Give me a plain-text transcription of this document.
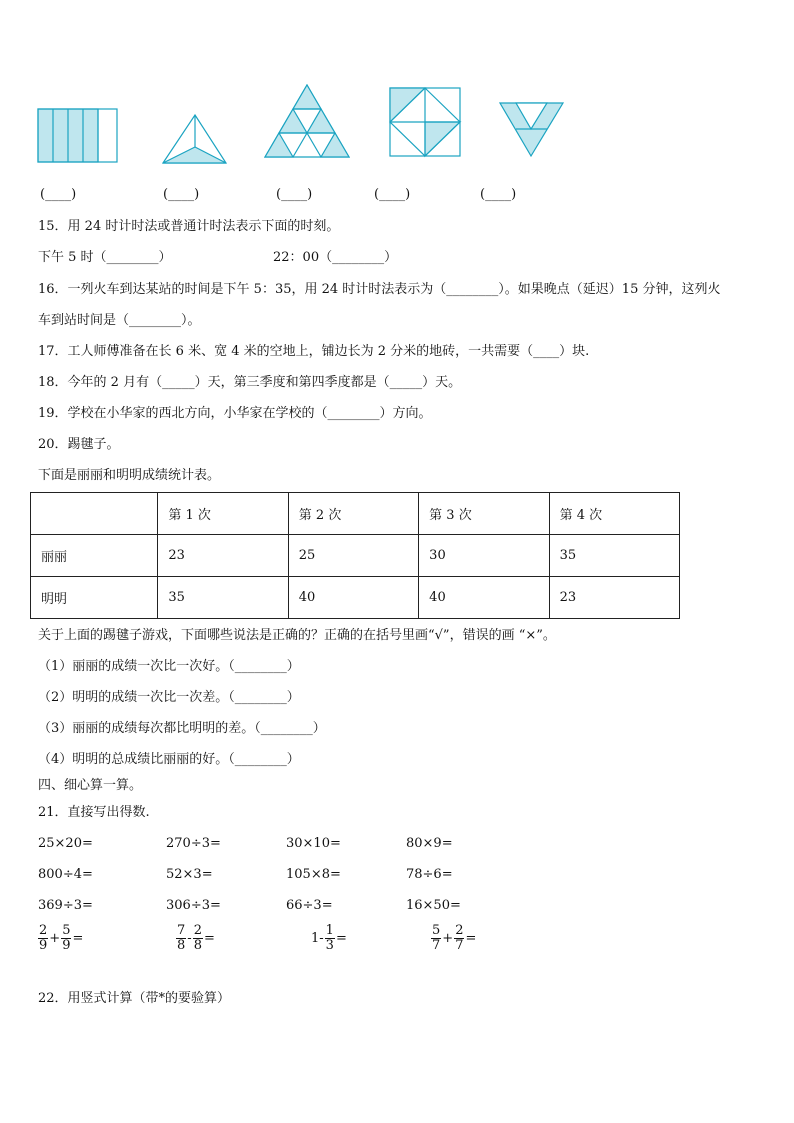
(____)	(____)	(____)	(____)	(____)
15．用 24 时计时法或普通计时法表示下面的时刻。
下午 5 时（________）	22：00（________）
16．一列火车到达某站的时间是下午 5：35，用 24 时计时法表示为（________）。如果晚点（延迟）15 分钟，这列火
车到站时间是（________）。
17．工人师傅准备在长 6 米、宽 4 米的空地上，铺边长为 2 分米的地砖，一共需要（____）块.
18．今年的 2 月有（_____）天，第三季度和第四季度都是（_____）天。
19．学校在小华家的西北方向，小华家在学校的（________）方向。
20．踢毽子。
下面是丽丽和明明成绩统计表。
	第 1 次	第 2 次	第 3 次	第 4 次
丽丽	23	25	30	35
明明	35	40	40	23
关于上面的踢毽子游戏，下面哪些说法是正确的？正确的在括号里画“√”，错误的画 “×”。
（1）丽丽的成绩一次比一次好。（________）
（2）明明的成绩一次比一次差。（________）
（3）丽丽的成绩每次都比明明的差。（________）
（4）明明的总成绩比丽丽的好。（________）
四、细心算一算。
21．直接写出得数.
25×20=	270÷3=	30×10=	80×9=
800÷4=	52×3=	105×8=	78÷6=
369÷3=	306÷3=	66÷3=	16×50=
$\frac{2}{9} + \frac{5}{9}$ =	$\frac{7}{8} - \frac{2}{8}$ =	$1- \frac{1}{3}$ =	$\frac{5}{7} + \frac{2}{7}$ =
22．用竖式计算（带*的要验算）
